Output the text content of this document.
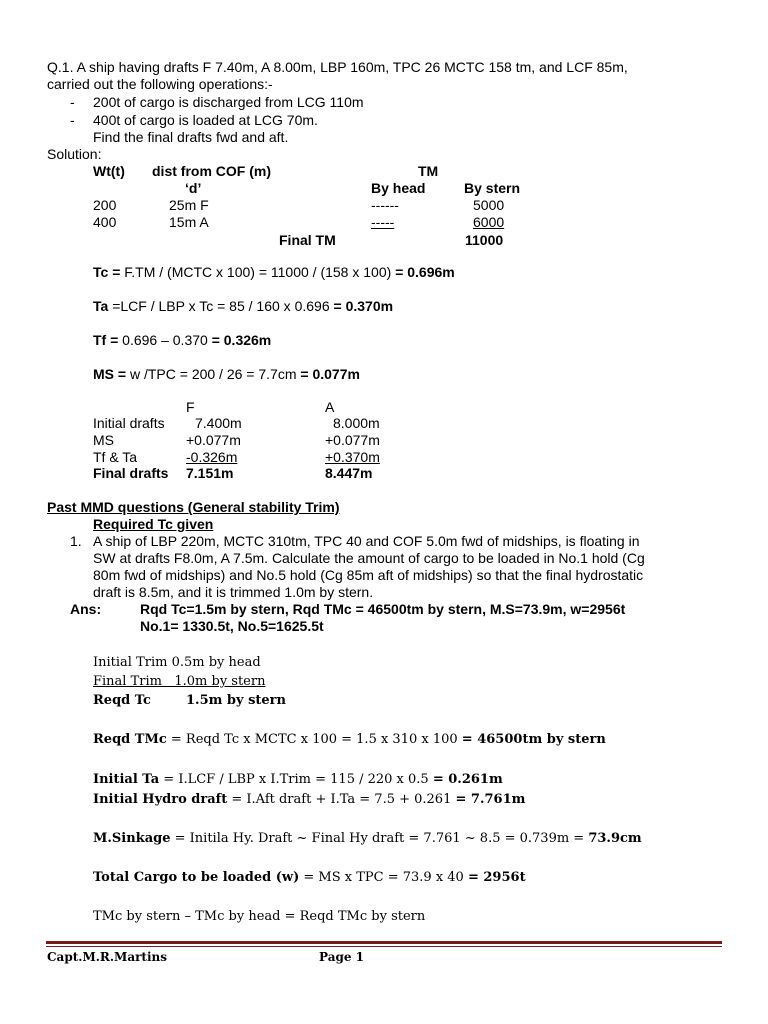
Q.1. A ship having drafts F 7.40m, A 8.00m, LBP 160m, TPC 26 MCTC 158 tm, and LCF 85m,
carried out the following operations:-
- 200t of cargo is discharged from LCG 110m
- 400t of cargo is loaded at LCG 70m.
Find the final drafts fwd and aft.
Solution:
Wt(t) dist from COF (m)	TM
‘d’	By head	By stern
200	25m F	------	5000
400	15m A	-----	6000
Final TM	11000
Tc = F.TM / (MCTC x 100) = 11000 / (158 x 100) = 0.696m
Ta =LCF / LBP x Tc = 85 / 160 x 0.696 = 0.370m
Tf = 0.696 – 0.370 = 0.326m
MS = w /TPC = 200 / 26 = 7.7cm = 0.077m
F	A
Initial drafts 7.400m	8.000m
MS	+0.077m	+0.077m
Tf & Ta	-0.326m	+0.370m
Final drafts 7.151m	8.447m
Past MMD questions (General stability Trim)
Required Tc given
1. A ship of LBP 220m, MCTC 310tm, TPC 40 and COF 5.0m fwd of midships, is floating in
SW at drafts F8.0m, A 7.5m. Calculate the amount of cargo to be loaded in No.1 hold (Cg
80m fwd of midships) and No.5 hold (Cg 85m aft of midships) so that the final hydrostatic
draft is 8.5m, and it is trimmed 1.0m by stern.
Ans:	Rqd Tc=1.5m by stern, Rqd TMc = 46500tm by stern, M.S=73.9m, w=2956t
No.1= 1330.5t, No.5=1625.5t
Initial Trim 0.5m by head
Final Trim   1.0m by stern
Reqd Tc	1.5m by stern
Reqd TMc = Reqd Tc x MCTC x 100 = 1.5 x 310 x 100 = 46500tm by stern
Initial Ta = I.LCF / LBP x I.Trim = 115 / 220 x 0.5 = 0.261m
Initial Hydro draft = I.Aft draft + I.Ta = 7.5 + 0.261 = 7.761m
M.Sinkage = Initila Hy. Draft ~ Final Hy draft = 7.761 ~ 8.5 = 0.739m = 73.9cm
Total Cargo to be loaded (w) = MS x TPC = 73.9 x 40 = 2956t
TMc by stern – TMc by head = Reqd TMc by stern
Capt.M.R.Martins	Page 1
